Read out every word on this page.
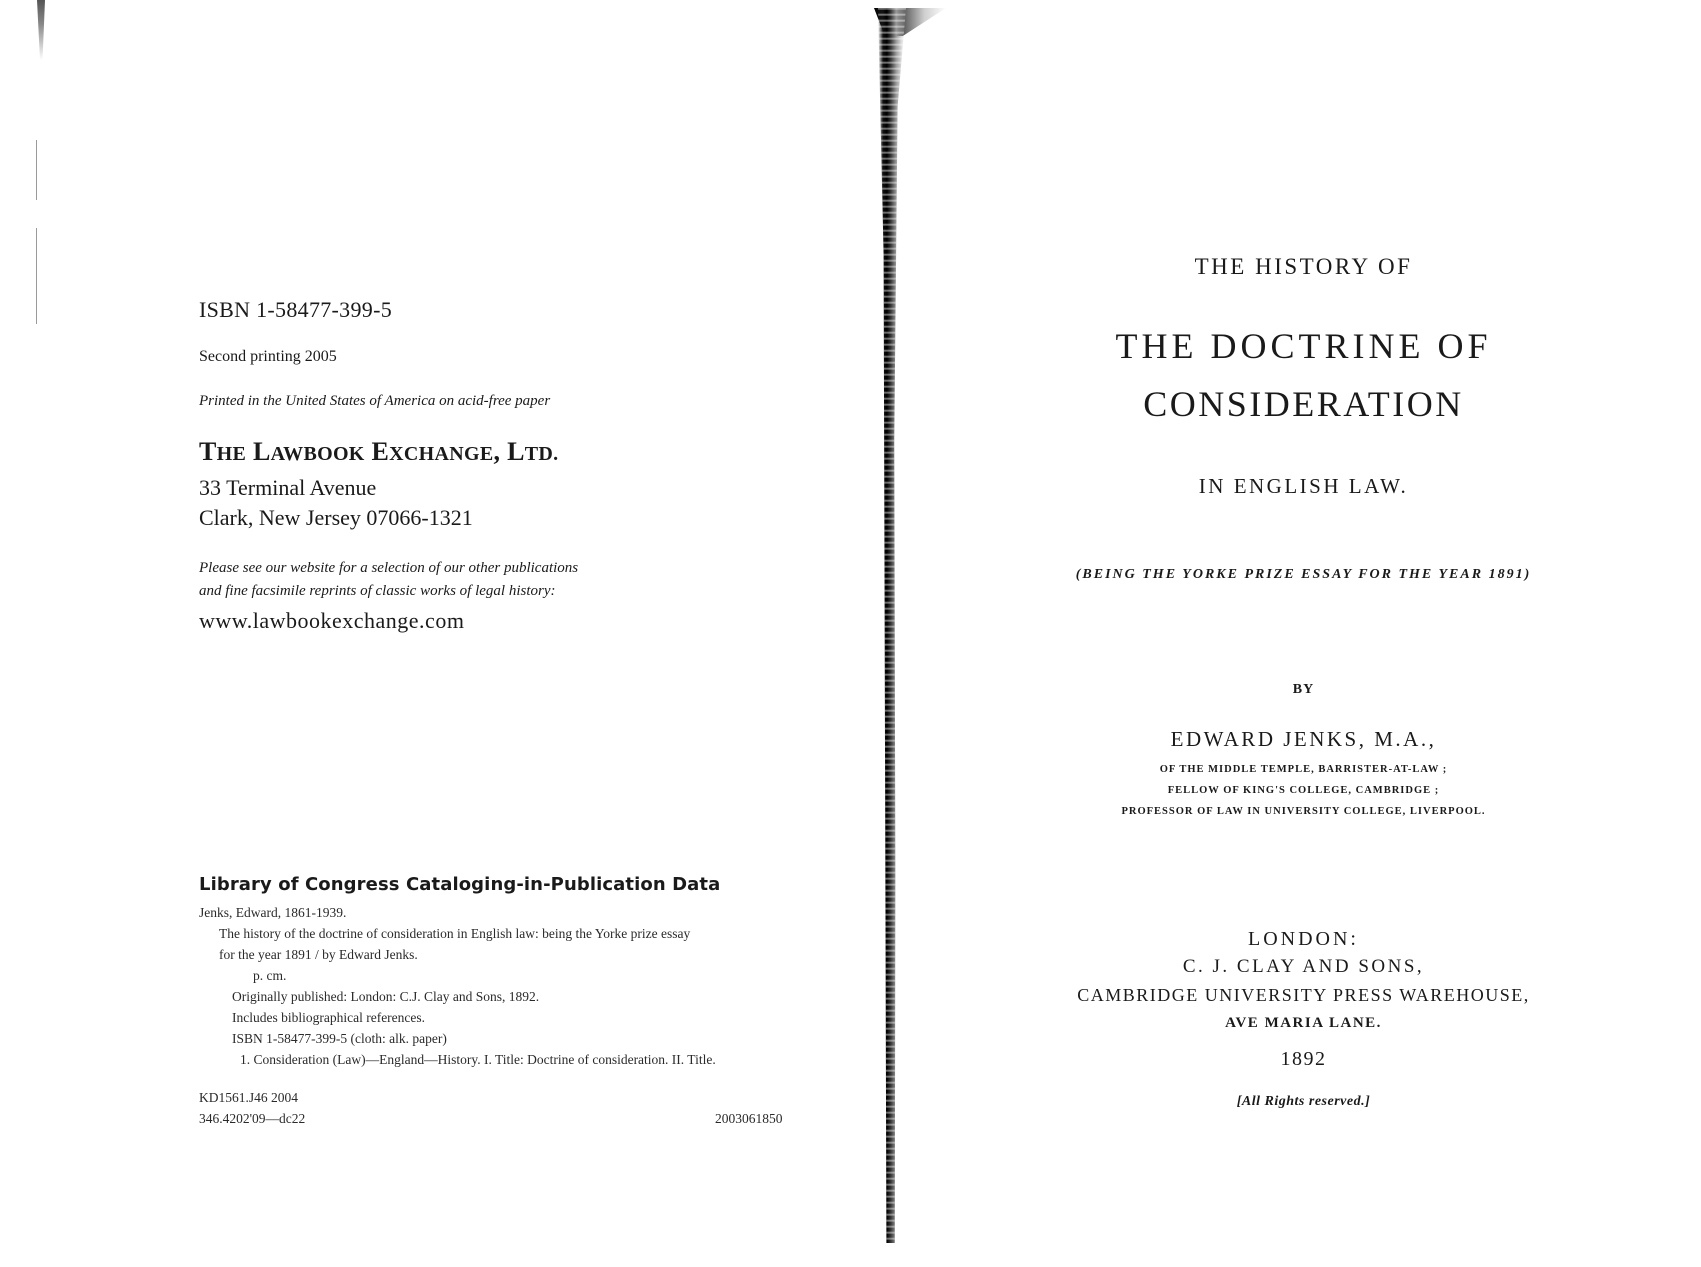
ISBN 1-58477-399-5
Second printing 2005
Printed in the United States of America on acid-free paper
THE LAWBOOK EXCHANGE, LTD.
33 Terminal Avenue
Clark, New Jersey 07066-1321
Please see our website for a selection of our other publications
and fine facsimile reprints of classic works of legal history:
www.lawbookexchange.com
Library of Congress Cataloging-in-Publication Data
Jenks, Edward, 1861-1939.
The history of the doctrine of consideration in English law: being the Yorke prize essay
for the year 1891 / by Edward Jenks.
p. cm.
Originally published: London: C.J. Clay and Sons, 1892.
Includes bibliographical references.
ISBN 1-58477-399-5 (cloth: alk. paper)
1. Consideration (Law)—England—History. I. Title: Doctrine of consideration. II. Title.
KD1561.J46 2004
346.4202'09—dc22	2003061850
THE HISTORY OF
THE DOCTRINE OF
CONSIDERATION
IN ENGLISH LAW.
(BEING THE YORKE PRIZE ESSAY FOR THE YEAR 1891)
BY
EDWARD JENKS, M.A.,
OF THE MIDDLE TEMPLE, BARRISTER-AT-LAW ;
FELLOW OF KING'S COLLEGE, CAMBRIDGE ;
PROFESSOR OF LAW IN UNIVERSITY COLLEGE, LIVERPOOL.
LONDON:
C. J. CLAY AND SONS,
CAMBRIDGE UNIVERSITY PRESS WAREHOUSE,
AVE MARIA LANE.
1892
[All Rights reserved.]
